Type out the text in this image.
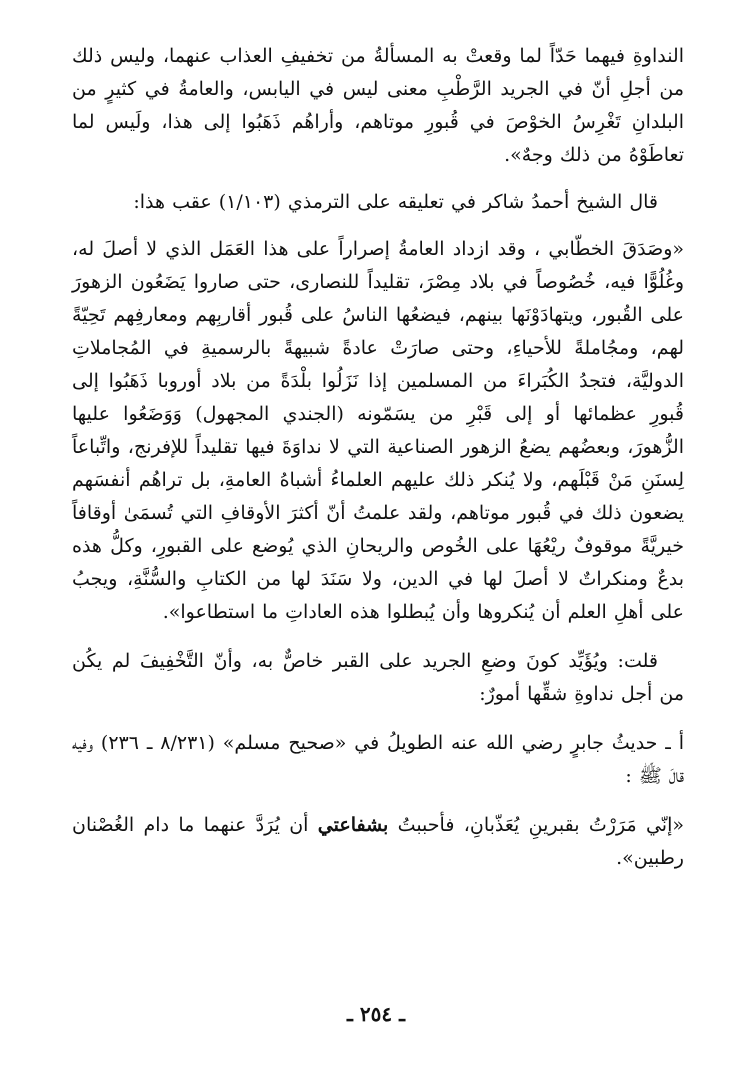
النداوةِ فيهما حَدّاً لما وقعتْ به المسألةُ من تخفيفِ العذاب عنهما، وليس ذلك من أجلِ أنّ في الجريد الرَّطْبِ معنى ليس في اليابس، والعامةُ في كثيرٍ من البلدانِ تَغْرِسُ الخوْصَ في قُبورِ موتاهم، وأراهُم ذَهَبُوا إلى هذا، ولَيس لما تعاطَوْهُ من ذلك وجهٌ».

قال الشيخ أحمدُ شاكر في تعليقه على الترمذي (١/١٠٣) عقب هذا:

«وصَدَقَ الخطّابي ، وقد ازداد العامةُ إصراراً على هذا العَمَل الذي لا أصلَ له، وغُلُوًّا فيه، خُصُوصاً في بلاد مِصْرَ، تقليداً للنصارى، حتى صاروا يَضَعُون الزهورَ على القُبور، ويتهادَوْنَها بينهم، فيضعُها الناسُ على قُبور أقاربِهم ومعارفِهم تَحِيّةً لهم، ومجُاملةً للأحياءِ، وحتى صارَتْ عادةً شبيهةً بالرسميةِ في المُجاملاتِ الدوليَّة، فتجدُ الكُبَراءَ من المسلمين إذا نَزَلُوا بلْدَةً من بلاد أوروبا ذَهَبُوا إلى قُبورِ عظمائها أو إلى قَبْرِ من يسَمّونه (الجندي المجهول) وَوَضَعُوا عليها الزُّهورَ، وبعضُهم يضعُ الزهور الصناعية التي لا نداوَةَ فيها تقليداً للإفرنج، واتِّباعاً لِسنَنِ مَنْ قَبْلَهم، ولا يُنكر ذلك عليهم العلماءُ أشباهُ العامةِ، بل تراهُم أنفسَهم يضعون ذلك في قُبور موتاهم، ولقد علمتُ أنّ أكثرَ الأوقافِ التي تُسمَىٰ أوقافاً خيريَّةً موقوفٌ ريْعُهَا على الخُوص والريحانِ الذي يُوضع على القبورِ، وكلُّ هذه بدعٌ ومنكراتٌ لا أصلَ لها في الدين، ولا سَنَدَ لها من الكتابِ والسُّنَّةِ، ويجبُ على أهلِ العلم أن يُنكروها وأن يُبطلوا هذه العاداتِ ما استطاعوا».

قلت: ويُؤَيِّد كونَ وضعِ الجريد على القبر خاصٌّ به، وأنّ التَّخْفِيفَ لم يكُن من أجل نداوةِ شقِّها أمورٌ:

أ ـ حديثُ جابرٍ رضي الله عنه الطويلُ في «صحيح مسلم» (٨/٢٣١ ـ ٢٣٦) وفيه قالَ ﷺ :

«إنّي مَرَرْتُ بقبرينِ يُعَذّبانِ، فأحببتُ بشفاعتي أن يُرَدَّ عنهما ما دام الغُصْنان رطبين».

ـ ٢٥٤ ـ
